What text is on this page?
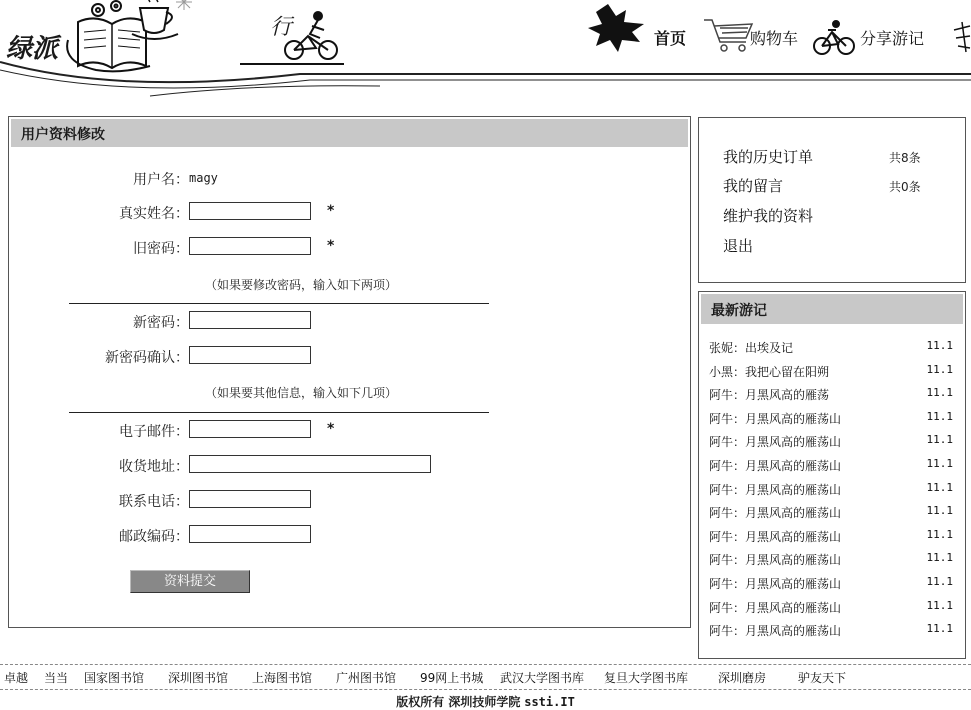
绿派
行	首页	购物车	分享游记
用户资料修改
用户名： magy
真实姓名：	*
旧密码：	*
（如果要修改密码，输入如下两项）
新密码：
新密码确认：
（如果要其他信息，输入如下几项）
电子邮件：	*
收货地址：
联系电话：
邮政编码：
资料提交
我的历史订单	共8条
我的留言	共0条
维护我的资料
退出
最新游记
张妮：出埃及记	11.1
小黑：我把心留在阳朔	11.1
阿牛：月黑风高的雁荡	11.1
阿牛：月黑风高的雁荡山	11.1
阿牛：月黑风高的雁荡山	11.1
阿牛：月黑风高的雁荡山	11.1
阿牛：月黑风高的雁荡山	11.1
阿牛：月黑风高的雁荡山	11.1
阿牛：月黑风高的雁荡山	11.1
阿牛：月黑风高的雁荡山	11.1
阿牛：月黑风高的雁荡山	11.1
阿牛：月黑风高的雁荡山	11.1
阿牛：月黑风高的雁荡山	11.1
卓越 当当 国家图书馆 深圳图书馆 上海图书馆 广州图书馆 99网上书城 武汉大学图书库 复旦大学图书库 深圳磨房	驴友天下
版权所有 深圳技师学院 ssti.IT
